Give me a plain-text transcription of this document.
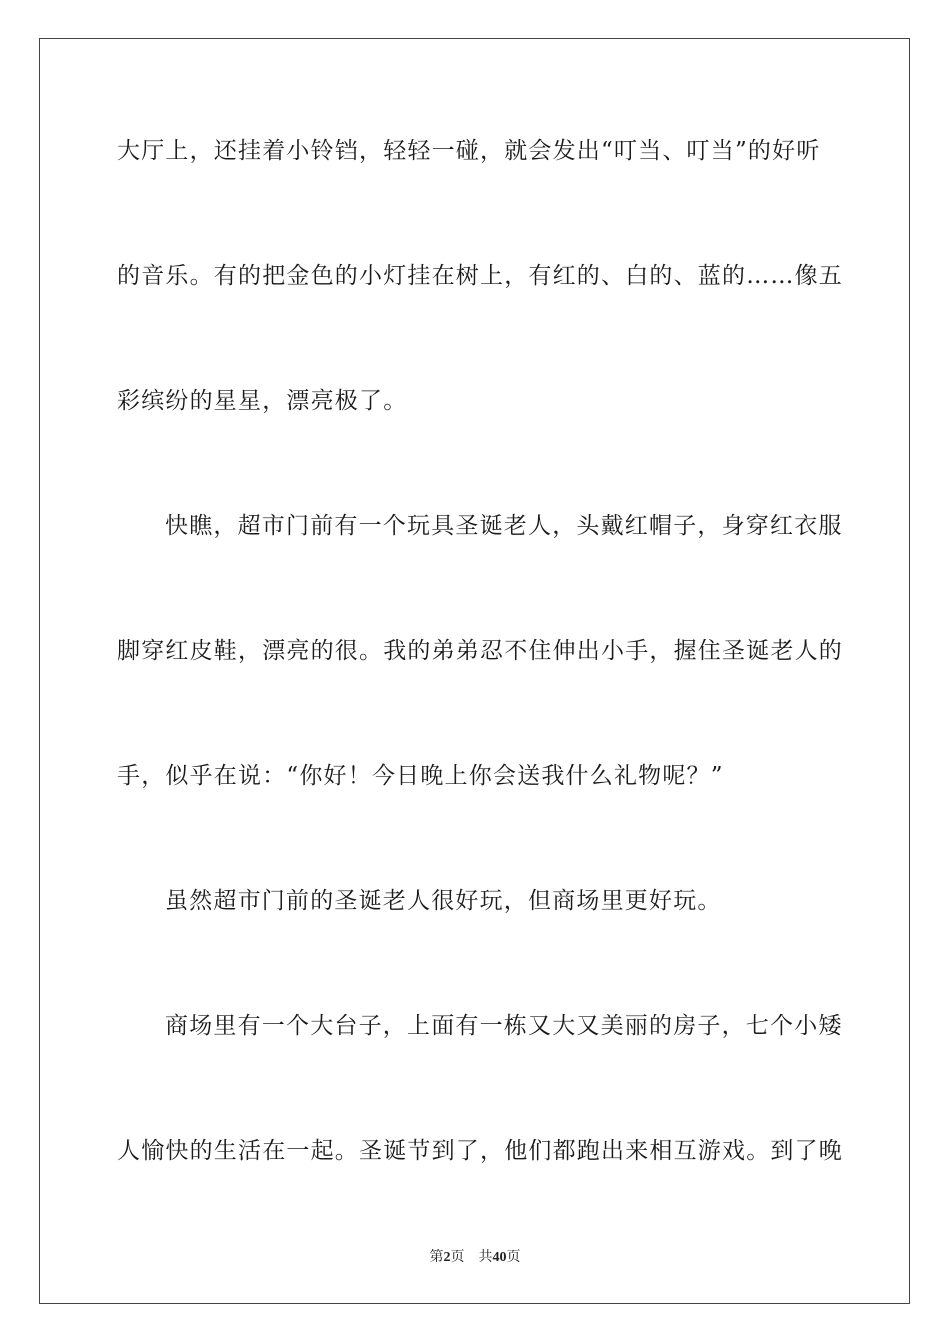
大厅上，还挂着小铃铛，轻轻一碰，就会发出“叮当、叮当”的好听
的音乐。有的把金色的小灯挂在树上，有红的、白的、蓝的……像五
彩缤纷的星星，漂亮极了。
快瞧，超市门前有一个玩具圣诞老人，头戴红帽子，身穿红衣服
脚穿红皮鞋，漂亮的很。我的弟弟忍不住伸出小手，握住圣诞老人的
手，似乎在说：“你好！今日晚上你会送我什么礼物呢？”
虽然超市门前的圣诞老人很好玩，但商场里更好玩。
商场里有一个大台子，上面有一栋又大又美丽的房子，七个小矮
人愉快的生活在一起。圣诞节到了，他们都跑出来相互游戏。到了晚
第2页 共40页
